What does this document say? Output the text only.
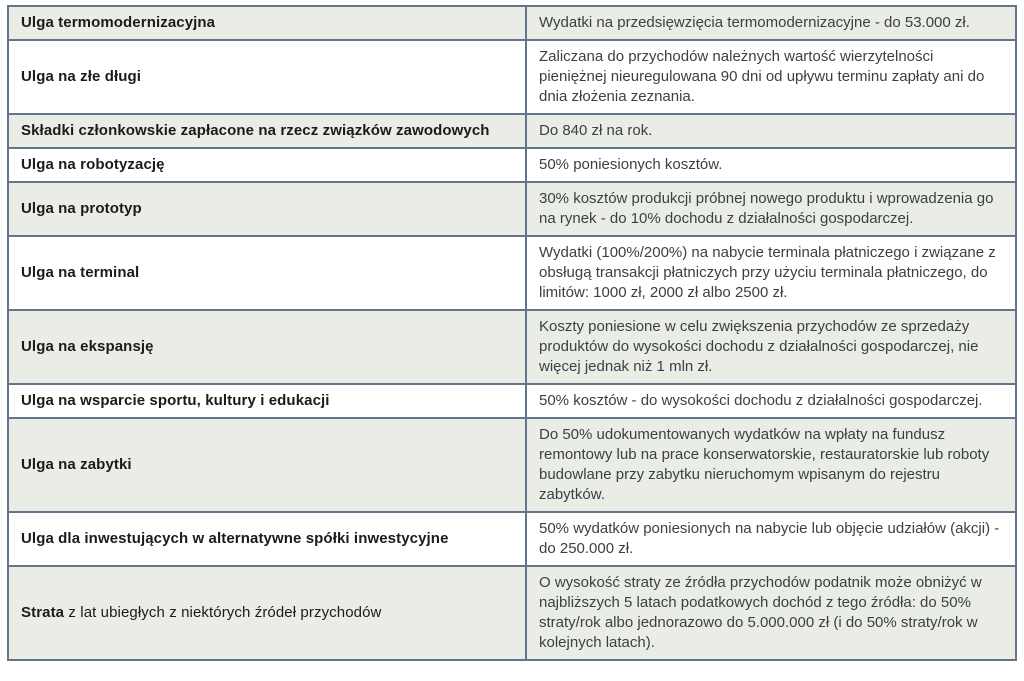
Ulga termomodernizacyjna	Wydatki na przedsięwzięcia termomodernizacyjne - do 53.000 zł.
Ulga na złe długi	Zaliczana do przychodów należnych wartość wierzytelności pieniężnej nieuregulowana 90 dni od upływu terminu zapłaty ani do dnia złożenia zeznania.
Składki członkowskie zapłacone na rzecz związków zawodowych	Do 840 zł na rok.
Ulga na robotyzację	50% poniesionych kosztów.
Ulga na prototyp	30% kosztów produkcji próbnej nowego produktu i wprowadzenia go na rynek - do 10% dochodu z działalności gospodarczej.
Ulga na terminal	Wydatki (100%/200%) na nabycie terminala płatniczego i związane z obsługą transakcji płatniczych przy użyciu terminala płatniczego, do limitów: 1000 zł, 2000 zł albo 2500 zł.
Ulga na ekspansję	Koszty poniesione w celu zwiększenia przychodów ze sprzedaży produktów do wysokości dochodu z działalności gospodarczej, nie więcej jednak niż 1 mln zł.
Ulga na wsparcie sportu, kultury i edukacji	50% kosztów - do wysokości dochodu z działalności gospodarczej.
Ulga na zabytki	Do 50% udokumentowanych wydatków na wpłaty na fundusz remontowy lub na prace konserwatorskie, restauratorskie lub roboty budowlane przy zabytku nieruchomym wpisanym do rejestru zabytków.
Ulga dla inwestujących w alternatywne spółki inwestycyjne	50% wydatków poniesionych na nabycie lub objęcie udziałów (akcji) - do 250.000 zł.
Strata z lat ubiegłych z niektórych źródeł przychodów	O wysokość straty ze źródła przychodów podatnik może obniżyć w najbliższych 5 latach podatkowych dochód z tego źródła: do 50% straty/rok albo jednorazowo do 5.000.000 zł (i do 50% straty/rok w kolejnych latach).
